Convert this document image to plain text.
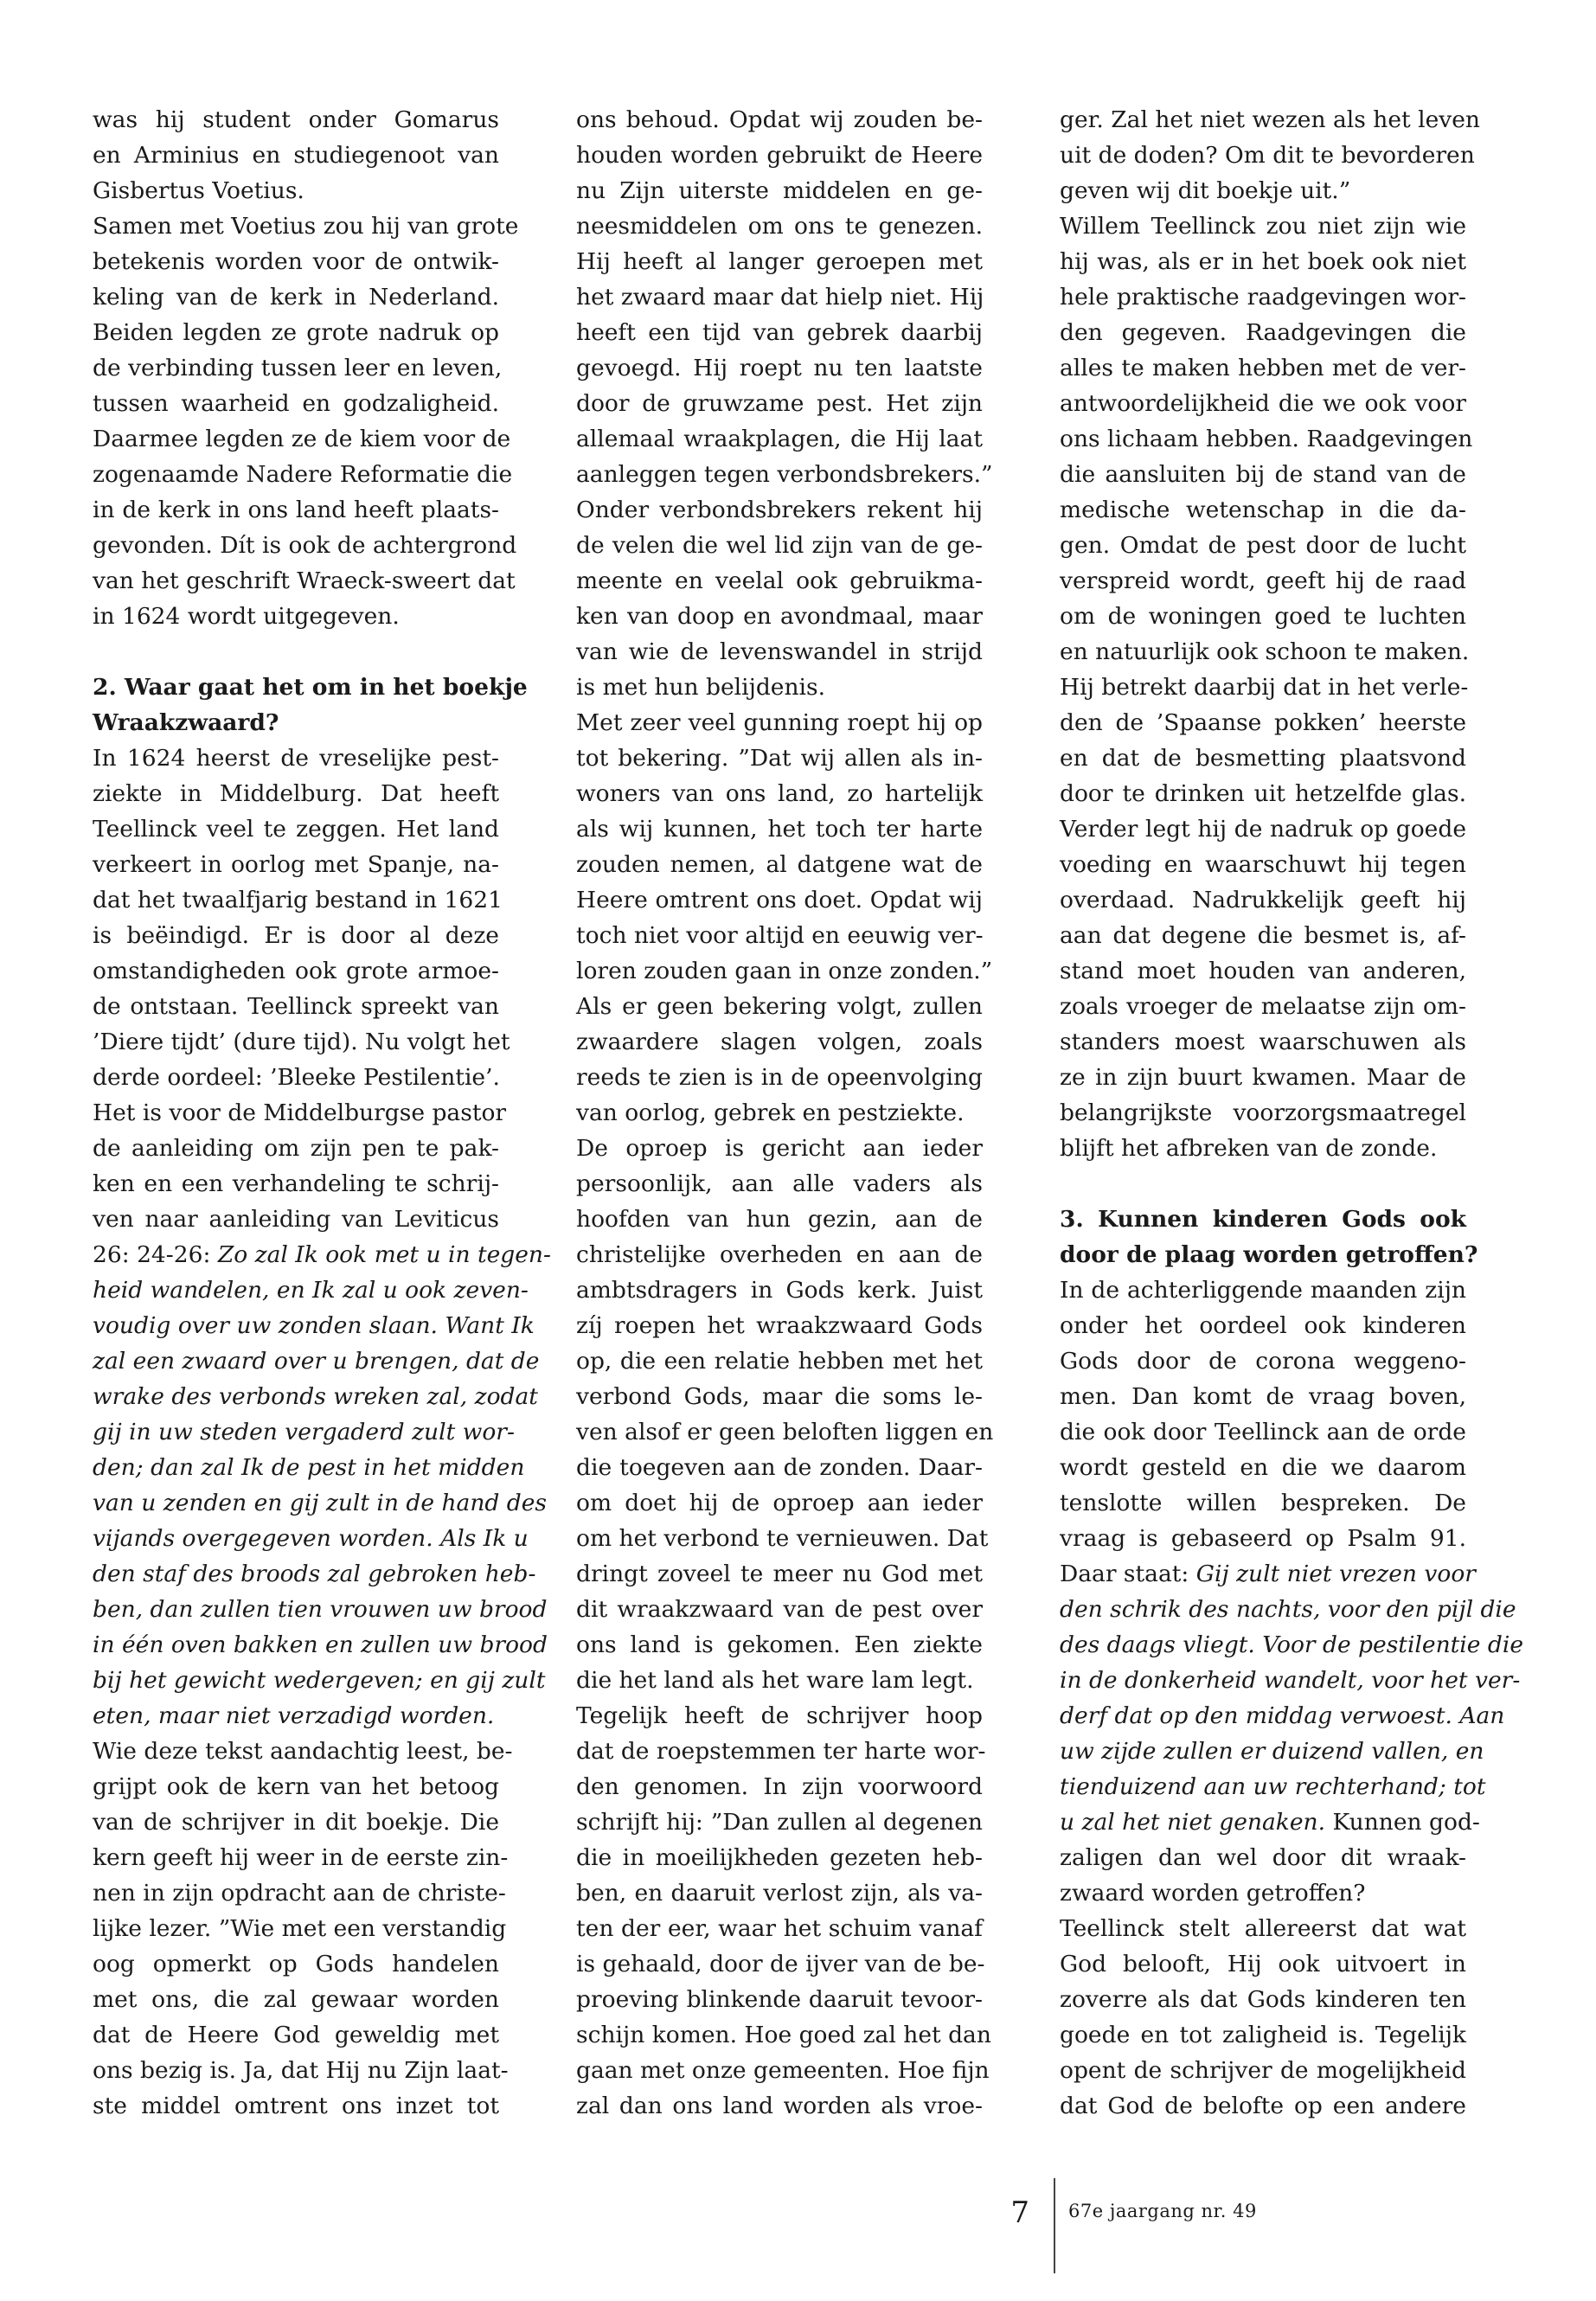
was hij student onder Gomarus
en Arminius en studiegenoot van
Gisbertus Voetius.
Samen met Voetius zou hij van grote
betekenis worden voor de ontwik-
keling van de kerk in Nederland.
Beiden legden ze grote nadruk op
de verbinding tussen leer en leven,
tussen waarheid en godzaligheid.
Daarmee legden ze de kiem voor de
zogenaamde Nadere Reformatie die
in de kerk in ons land heeft plaats-
gevonden. Dít is ook de achtergrond
van het geschrift Wraeck-sweert dat
in 1624 wordt uitgegeven.
2. Waar gaat het om in het boekje
Wraakzwaard?
In 1624 heerst de vreselijke pest-
ziekte in Middelburg. Dat heeft
Teellinck veel te zeggen. Het land
verkeert in oorlog met Spanje, na-
dat het twaalfjarig bestand in 1621
is beëindigd. Er is door al deze
omstandigheden ook grote armoe-
de ontstaan. Teellinck spreekt van
’Diere tijdt’ (dure tijd). Nu volgt het
derde oordeel: ’Bleeke Pestilentie’.
Het is voor de Middelburgse pastor
de aanleiding om zijn pen te pak-
ken en een verhandeling te schrij-
ven naar aanleiding van Leviticus
26: 24-26: Zo zal Ik ook met u in tegen-
heid wandelen, en Ik zal u ook zeven-
voudig over uw zonden slaan. Want Ik
zal een zwaard over u brengen, dat de
wrake des verbonds wreken zal, zodat
gij in uw steden vergaderd zult wor-
den; dan zal Ik de pest in het midden
van u zenden en gij zult in de hand des
vijands overgegeven worden. Als Ik u
den staf des broods zal gebroken heb-
ben, dan zullen tien vrouwen uw brood
in één oven bakken en zullen uw brood
bij het gewicht wedergeven; en gij zult
eten, maar niet verzadigd worden.
Wie deze tekst aandachtig leest, be-
grijpt ook de kern van het betoog
van de schrijver in dit boekje. Die
kern geeft hij weer in de eerste zin-
nen in zijn opdracht aan de christe-
lijke lezer. ”Wie met een verstandig
oog opmerkt op Gods handelen
met ons, die zal gewaar worden
dat de Heere God geweldig met
ons bezig is. Ja, dat Hij nu Zijn laat-
ste middel omtrent ons inzet tot
ons behoud. Opdat wij zouden be-
houden worden gebruikt de Heere
nu Zijn uiterste middelen en ge-
neesmiddelen om ons te genezen.
Hij heeft al langer geroepen met
het zwaard maar dat hielp niet. Hij
heeft een tijd van gebrek daarbij
gevoegd. Hij roept nu ten laatste
door de gruwzame pest. Het zijn
allemaal wraakplagen, die Hij laat
aanleggen tegen verbondsbrekers.”
Onder verbondsbrekers rekent hij
de velen die wel lid zijn van de ge-
meente en veelal ook gebruikma-
ken van doop en avondmaal, maar
van wie de levenswandel in strijd
is met hun belijdenis.
Met zeer veel gunning roept hij op
tot bekering. ”Dat wij allen als in-
woners van ons land, zo hartelijk
als wij kunnen, het toch ter harte
zouden nemen, al datgene wat de
Heere omtrent ons doet. Opdat wij
toch niet voor altijd en eeuwig ver-
loren zouden gaan in onze zonden.”
Als er geen bekering volgt, zullen
zwaardere slagen volgen, zoals
reeds te zien is in de opeenvolging
van oorlog, gebrek en pestziekte.
De oproep is gericht aan ieder
persoonlijk, aan alle vaders als
hoofden van hun gezin, aan de
christelijke overheden en aan de
ambtsdragers in Gods kerk. Juist
zíj roepen het wraakzwaard Gods
op, die een relatie hebben met het
verbond Gods, maar die soms le-
ven alsof er geen beloften liggen en
die toegeven aan de zonden. Daar-
om doet hij de oproep aan ieder
om het verbond te vernieuwen. Dat
dringt zoveel te meer nu God met
dit wraakzwaard van de pest over
ons land is gekomen. Een ziekte
die het land als het ware lam legt.
Tegelijk heeft de schrijver hoop
dat de roepstemmen ter harte wor-
den genomen. In zijn voorwoord
schrijft hij: ”Dan zullen al degenen
die in moeilijkheden gezeten heb-
ben, en daaruit verlost zijn, als va-
ten der eer, waar het schuim vanaf
is gehaald, door de ijver van de be-
proeving blinkende daaruit tevoor-
schijn komen. Hoe goed zal het dan
gaan met onze gemeenten. Hoe fijn
zal dan ons land worden als vroe-
ger. Zal het niet wezen als het leven
uit de doden? Om dit te bevorderen
geven wij dit boekje uit.”
Willem Teellinck zou niet zijn wie
hij was, als er in het boek ook niet
hele praktische raadgevingen wor-
den gegeven. Raadgevingen die
alles te maken hebben met de ver-
antwoordelijkheid die we ook voor
ons lichaam hebben. Raadgevingen
die aansluiten bij de stand van de
medische wetenschap in die da-
gen. Omdat de pest door de lucht
verspreid wordt, geeft hij de raad
om de woningen goed te luchten
en natuurlijk ook schoon te maken.
Hij betrekt daarbij dat in het verle-
den de ’Spaanse pokken’ heerste
en dat de besmetting plaatsvond
door te drinken uit hetzelfde glas.
Verder legt hij de nadruk op goede
voeding en waarschuwt hij tegen
overdaad. Nadrukkelijk geeft hij
aan dat degene die besmet is, af-
stand moet houden van anderen,
zoals vroeger de melaatse zijn om-
standers moest waarschuwen als
ze in zijn buurt kwamen. Maar de
belangrijkste voorzorgsmaatregel
blijft het afbreken van de zonde.
3. Kunnen kinderen Gods ook
door de plaag worden getroffen?
In de achterliggende maanden zijn
onder het oordeel ook kinderen
Gods door de corona weggeno-
men. Dan komt de vraag boven,
die ook door Teellinck aan de orde
wordt gesteld en die we daarom
tenslotte willen bespreken. De
vraag is gebaseerd op Psalm 91.
Daar staat: Gij zult niet vrezen voor
den schrik des nachts, voor den pijl die
des daags vliegt. Voor de pestilentie die
in de donkerheid wandelt, voor het ver-
derf dat op den middag verwoest. Aan
uw zijde zullen er duizend vallen, en
tienduizend aan uw rechterhand; tot
u zal het niet genaken. Kunnen god-
zaligen dan wel door dit wraak-
zwaard worden getroffen?
Teellinck stelt allereerst dat wat
God belooft, Hij ook uitvoert in
zoverre als dat Gods kinderen ten
goede en tot zaligheid is. Tegelijk
opent de schrijver de mogelijkheid
dat God de belofte op een andere
7 67e jaargang nr. 49
